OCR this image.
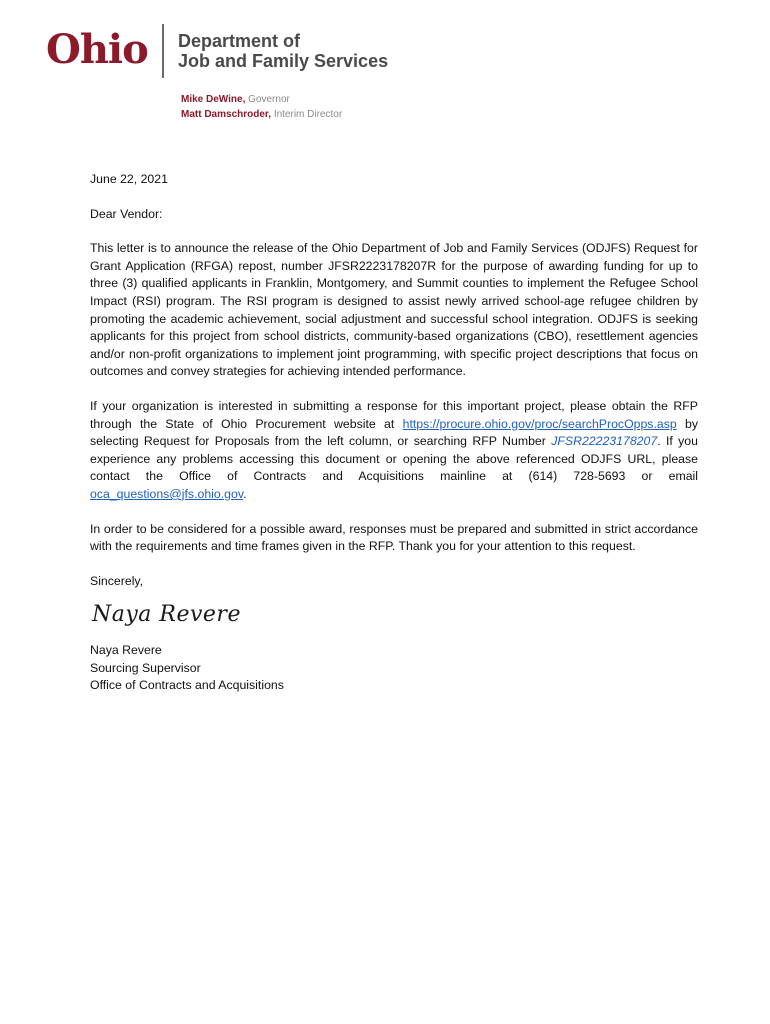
Ohio Department of
Job and Family Services
Mike DeWine, Governor
Matt Damschroder, Interim Director

June 22, 2021

Dear Vendor:

This letter is to announce the release of the Ohio Department of Job and Family Services (ODJFS) Request for Grant Application (RFGA) repost, number JFSR2223178207R for the purpose of awarding funding for up to three (3) qualified applicants in Franklin, Montgomery, and Summit counties to implement the Refugee School Impact (RSI) program. The RSI program is designed to assist newly arrived school-age refugee children by promoting the academic achievement, social adjustment and successful school integration. ODJFS is seeking applicants for this project from school districts, community-based organizations (CBO), resettlement agencies and/or non-profit organizations to implement joint programming, with specific project descriptions that focus on outcomes and convey strategies for achieving intended performance.

If your organization is interested in submitting a response for this important project, please obtain the RFP through the State of Ohio Procurement website at https://procure.ohio.gov/proc/searchProcOpps.asp by selecting Request for Proposals from the left column, or searching RFP Number JFSR22223178207. If you experience any problems accessing this document or opening the above referenced ODJFS URL, please contact the Office of Contracts and Acquisitions mainline at (614) 728-5693 or email oca_questions@jfs.ohio.gov.

In order to be considered for a possible award, responses must be prepared and submitted in strict accordance with the requirements and time frames given in the RFP. Thank you for your attention to this request.

Sincerely,

Naya Revere

Naya Revere

Sourcing Supervisor

Office of Contracts and Acquisitions
